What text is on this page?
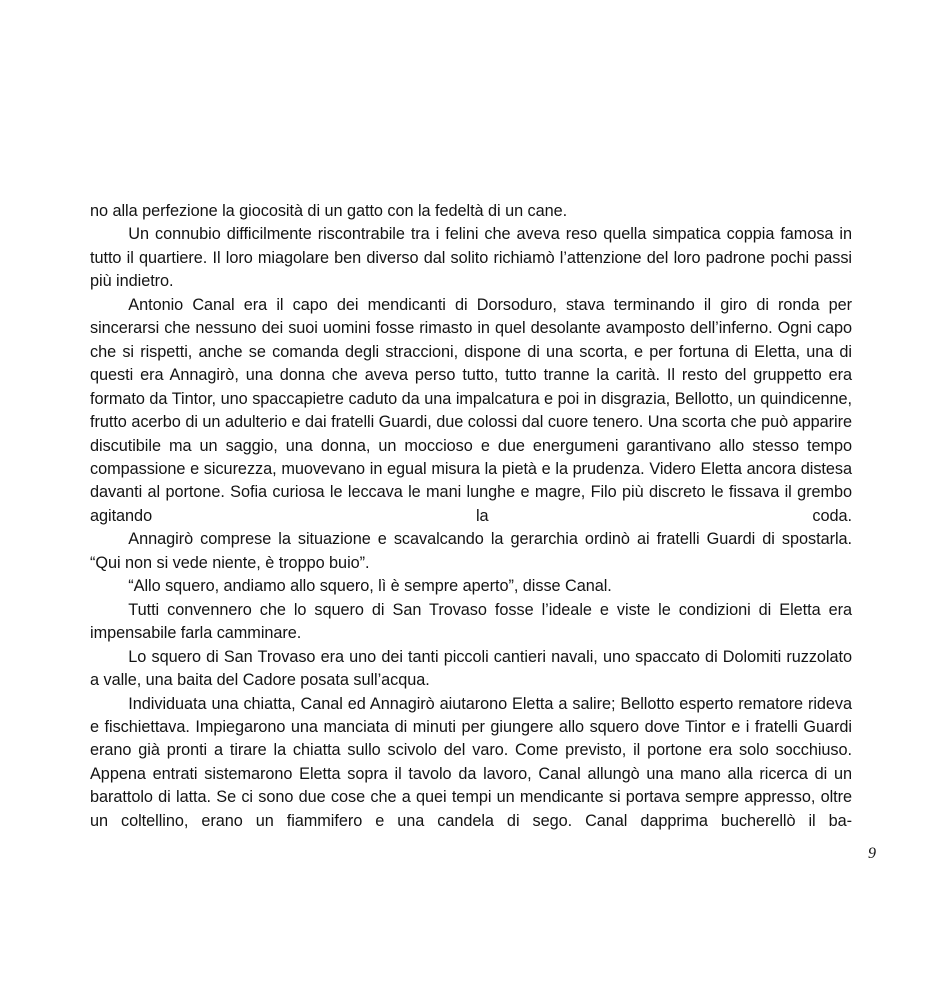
no alla perfezione la giocosità di un gatto con la fedeltà di un cane.

Un connubio difficilmente riscontrabile tra i felini che aveva reso quella simpatica coppia famosa in tutto il quartiere. Il loro miagolare ben diverso dal solito richiamò l’attenzione del loro padrone pochi passi più indietro.

Antonio Canal era il capo dei mendicanti di Dorsoduro, stava terminando il giro di ronda per sincerarsi che nessuno dei suoi uomini fosse rimasto in quel desolante avamposto dell’inferno. Ogni capo che si rispetti, anche se comanda degli straccioni, dispone di una scorta, e per fortuna di Eletta, una di questi era Annagirò, una donna che aveva perso tutto, tutto tranne la carità. Il resto del gruppetto era formato da Tintor, uno spaccapietre caduto da una impalcatura e poi in disgrazia, Bellotto, un quindicenne, frutto acerbo di un adulterio e dai fratelli Guardi, due colossi dal cuore tenero. Una scorta che può apparire discutibile ma un saggio, una donna, un moccioso e due energumeni garantivano allo stesso tempo compassione e sicurezza, muovevano in egual misura la pietà e la prudenza. Videro Eletta ancora distesa davanti al portone. Sofia curiosa le leccava le mani lunghe e magre, Filo più discreto le fissava il grembo agitando la coda.

Annagirò comprese la situazione e scavalcando la gerarchia ordinò ai fratelli Guardi di spostarla. “Qui non si vede niente, è troppo buio”.

“Allo squero, andiamo allo squero, lì è sempre aperto”, disse Canal.

Tutti convennero che lo squero di San Trovaso fosse l’ideale e viste le condizioni di Eletta era impensabile farla camminare.

Lo squero di San Trovaso era uno dei tanti piccoli cantieri navali, uno spaccato di Dolomiti ruzzolato a valle, una baita del Cadore posata sull’acqua.

Individuata una chiatta, Canal ed Annagirò aiutarono Eletta a salire; Bellotto esperto rematore rideva e fischiettava. Impiegarono una manciata di minuti per giungere allo squero dove Tintor e i fratelli Guardi erano già pronti a tirare la chiatta sullo scivolo del varo. Come previsto, il portone era solo socchiuso. Appena entrati sistemarono Eletta sopra il tavolo da lavoro, Canal allungò una mano alla ricerca di un barattolo di latta. Se ci sono due cose che a quei tempi un mendicante si portava sempre appresso, oltre un coltellino, erano un fiammifero e una candela di sego. Canal dapprima bucherellò il ba-

9
